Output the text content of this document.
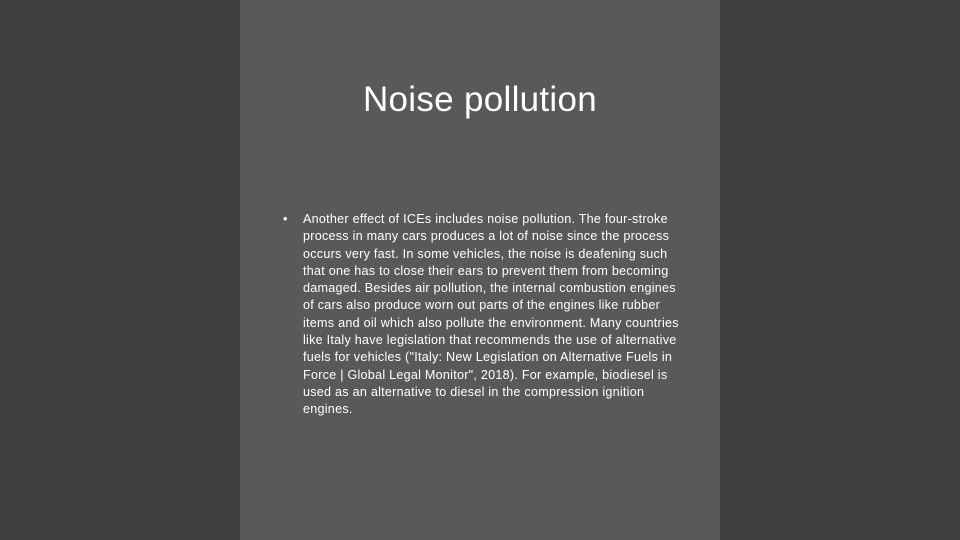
Noise pollution
• Another effect of ICEs includes noise pollution. The four-stroke process in many cars produces a lot of noise since the process occurs very fast. In some vehicles, the noise is deafening such that one has to close their ears to prevent them from becoming damaged. Besides air pollution, the internal combustion engines of cars also produce worn out parts of the engines like rubber items and oil which also pollute the environment. Many countries like Italy have legislation that recommends the use of alternative fuels for vehicles ("Italy: New Legislation on Alternative Fuels in Force | Global Legal Monitor", 2018). For example, biodiesel is used as an alternative to diesel in the compression ignition engines.
